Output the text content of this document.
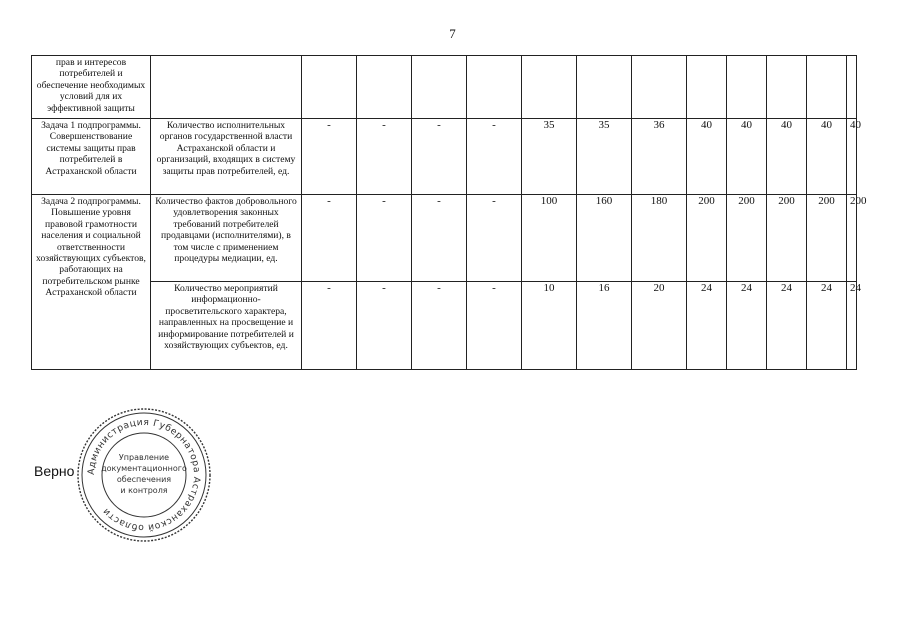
7
прав и интересов потребителей и обеспечение необходимых условий для их эффективной защиты													
Задача 1 подпрограммы. Совершенствование системы защиты прав потребителей в Астраханской области	Количество исполнительных органов государственной власти Астраханской области и организаций, входящих в систему защиты прав потребителей, ед.	-	-	-	-	35	35	36	40	40	40	40	40
Задача 2 подпрограммы. Повышение уровня правовой грамотности населения и социальной ответственности хозяйствующих субъектов, работающих на потребительском рынке Астраханской области	Количество фактов добровольного удовлетворения законных требований потребителей продавцами (исполнителями), в том числе с применением процедуры медиации, ед.	-	-	-	-	100	160	180	200	200	200	200	200
	Количество мероприятий информационно-просветительского характера, направленных на просвещение и информирование потребителей и хозяйствующих субъектов, ед.	-	-	-	-	10	16	20	24	24	24	24	24
Верно Администрация Губернатора Астраханской области
Управление
документационного
обеспечения
и контроля
